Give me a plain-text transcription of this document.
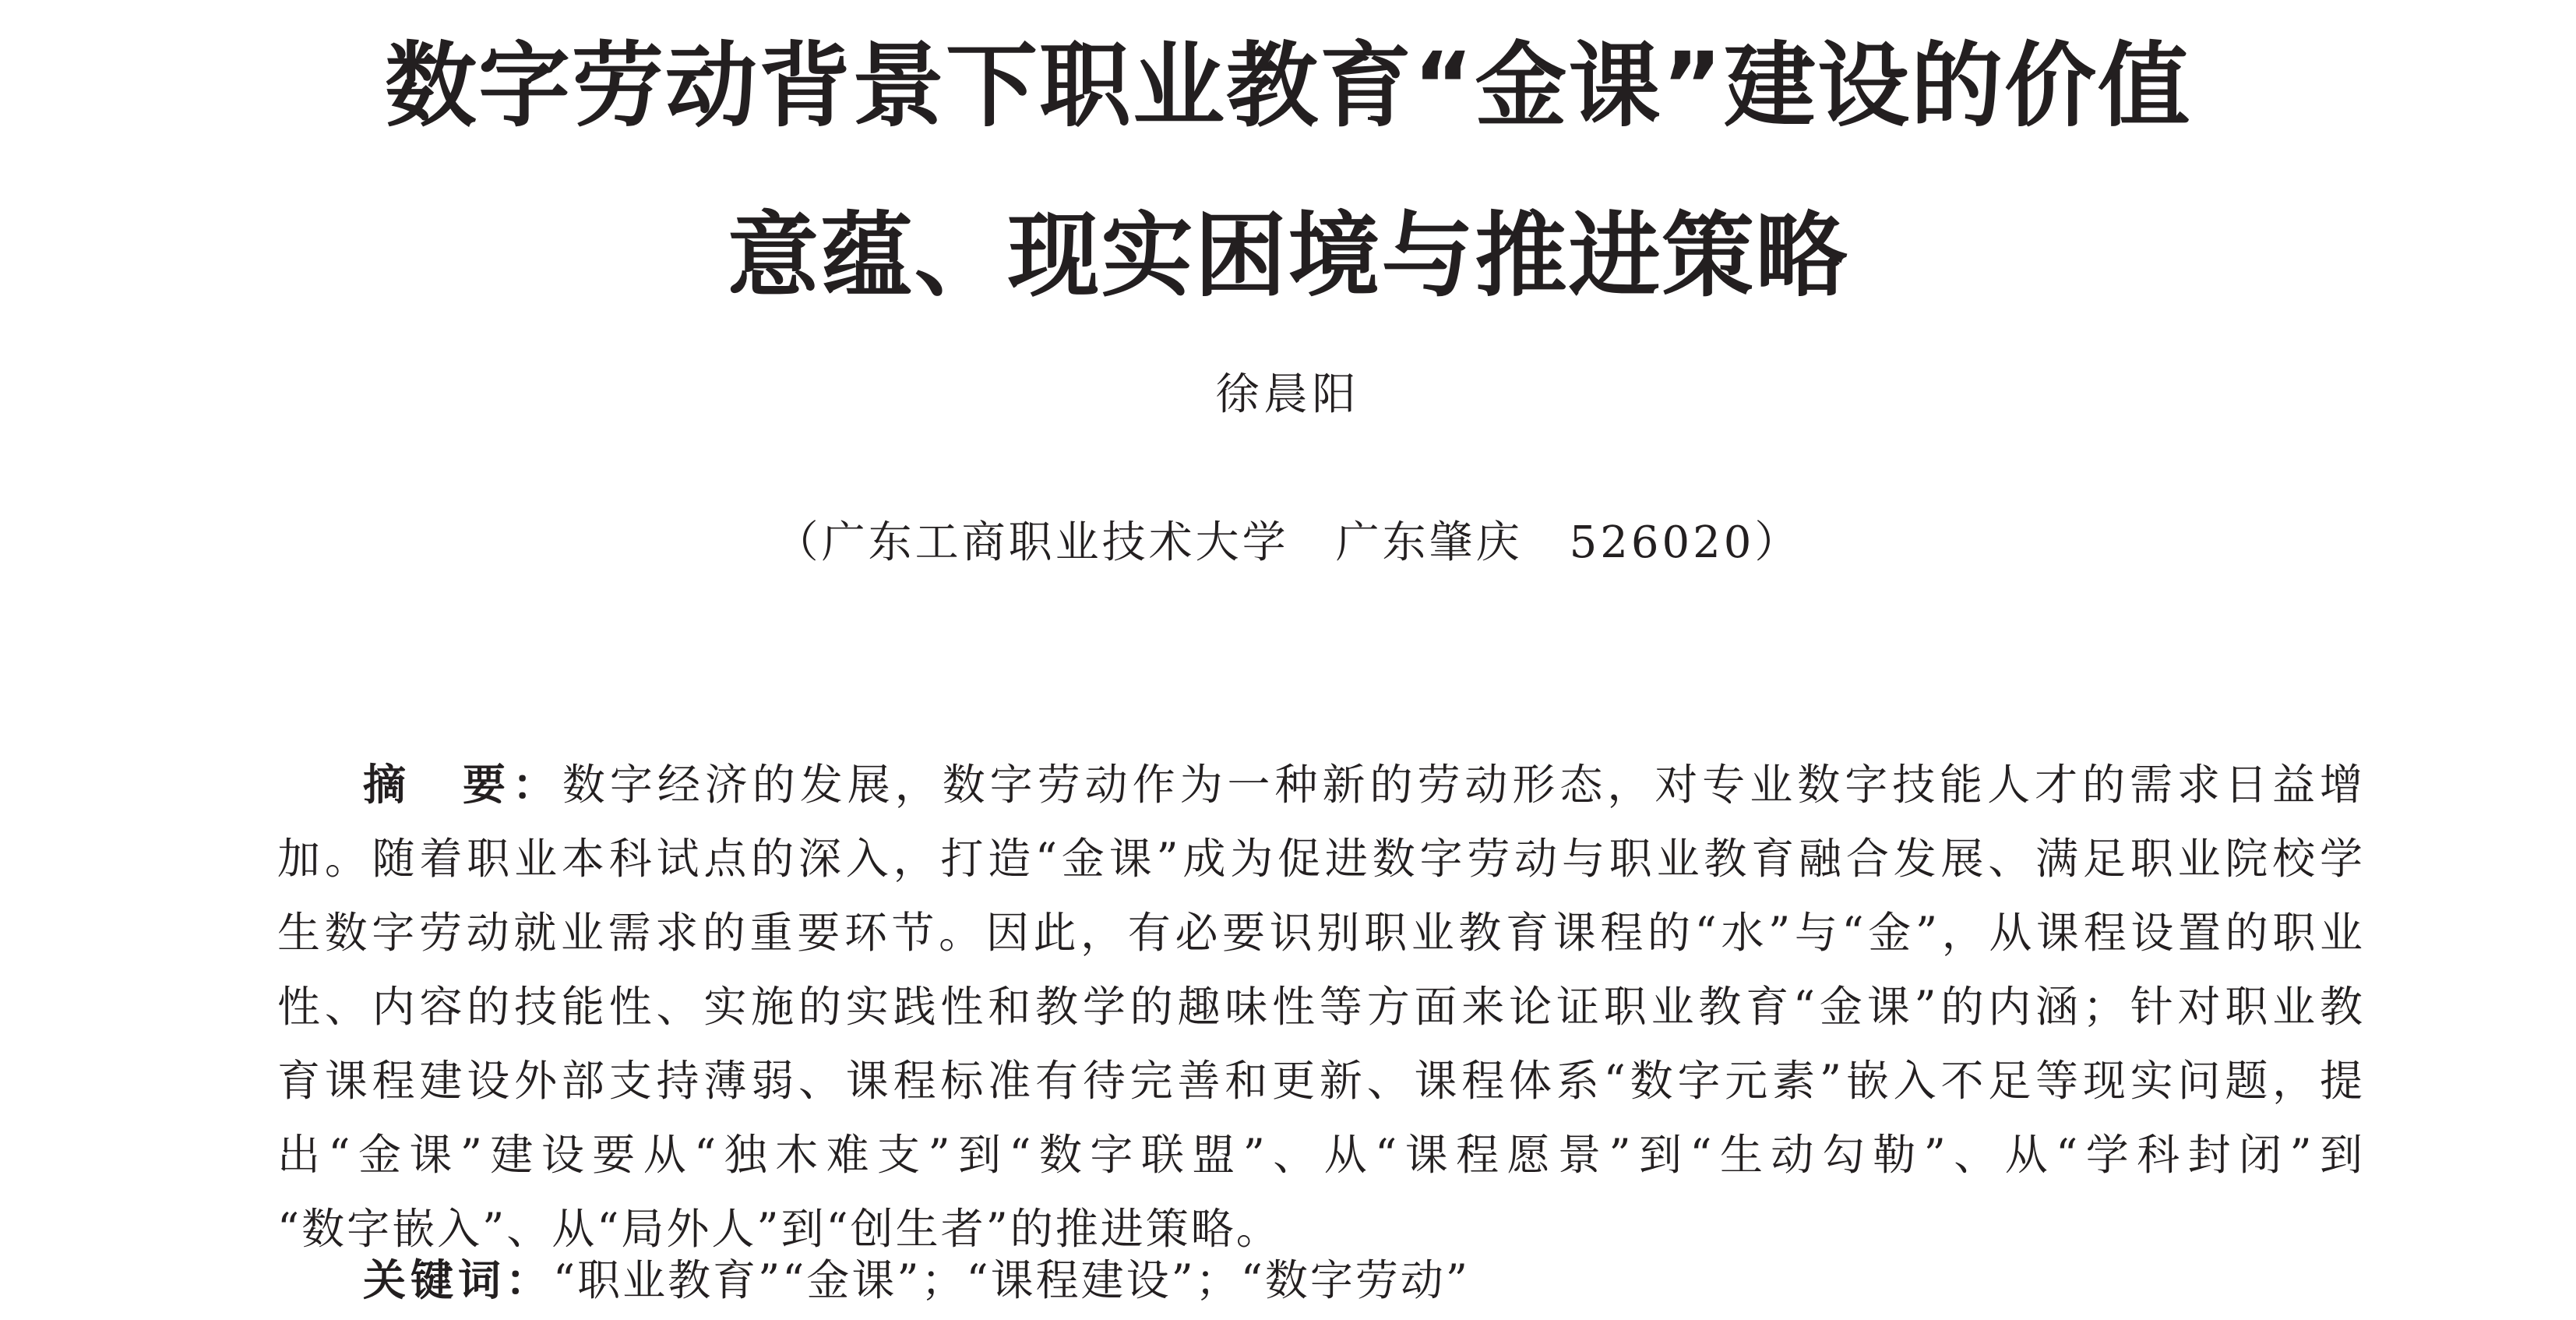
数字劳动背景下职业教育“金课”建设的价值
意蕴、现实困境与推进策略
徐晨阳
（广东工商职业技术大学　广东肇庆　526020）
摘　要：数字经济的发展，数字劳动作为一种新的劳动形态，对专业数字技能人才的需求日益增
加。随着职业本科试点的深入，打造“金课”成为促进数字劳动与职业教育融合发展、满足职业院校学
生数字劳动就业需求的重要环节。因此，有必要识别职业教育课程的“水”与“金”，从课程设置的职业
性、内容的技能性、实施的实践性和教学的趣味性等方面来论证职业教育“金课”的内涵；针对职业教
育课程建设外部支持薄弱、课程标准有待完善和更新、课程体系“数字元素”嵌入不足等现实问题，提
出“金课”建设要从“独木难支”到“数字联盟”、从“课程愿景”到“生动勾勒”、从“学科封闭”到
“数字嵌入”、从“局外人”到“创生者”的推进策略。
关键词：“职业教育”“金课”；“课程建设”；“数字劳动”
